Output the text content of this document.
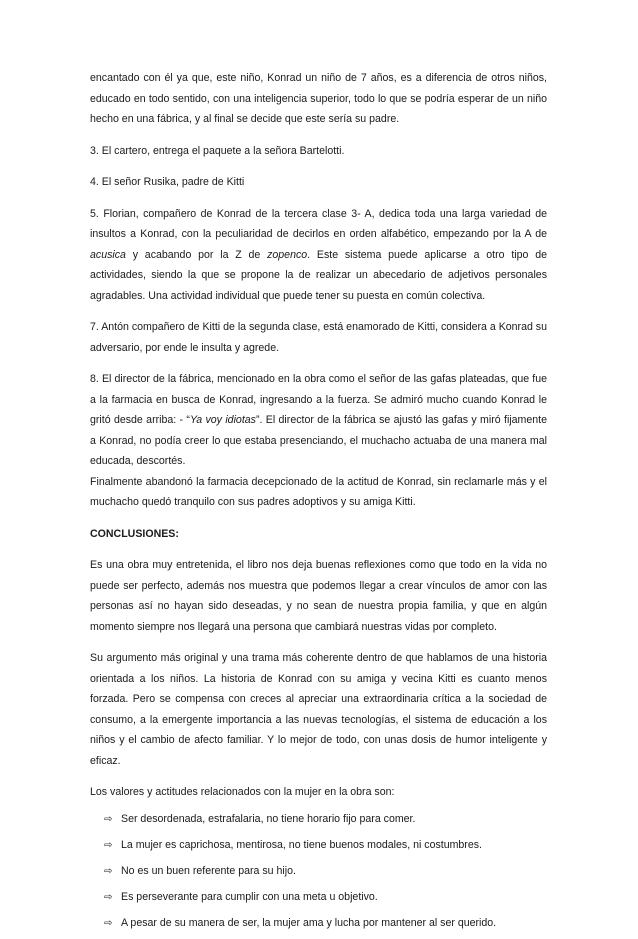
encantado con él ya que, este niño, Konrad un niño de 7 años, es a diferencia de otros niños, educado en todo sentido, con una inteligencia superior, todo lo que se podría esperar de un niño hecho en una fábrica, y al final se decide que este sería su padre.

3. El cartero, entrega el paquete a la señora Bartelotti.

4. El señor Rusika, padre de Kitti

5. Florian, compañero de Konrad de la tercera clase 3- A, dedica toda una larga variedad de insultos a Konrad, con la peculiaridad de decirlos en orden alfabético, empezando por la A de acusica y acabando por la Z de zopenco. Este sistema puede aplicarse a otro tipo de actividades, siendo la que se propone la de realizar un abecedario de adjetivos personales agradables. Una actividad individual que puede tener su puesta en común colectiva.

7. Antón compañero de Kitti de la segunda clase, está enamorado de Kitti, considera a Konrad su adversario, por ende le insulta y agrede.

8. El director de la fábrica, mencionado en la obra como el señor de las gafas plateadas, que fue a la farmacia en busca de Konrad, ingresando a la fuerza. Se admiró mucho cuando Konrad le gritó desde arriba: - “Ya voy idiotas”. El director de la fábrica se ajustó las gafas y miró fijamente a Konrad, no podía creer lo que estaba presenciando, el muchacho actuaba de una manera mal educada, descortés.

Finalmente abandonó la farmacia decepcionado de la actitud de Konrad, sin reclamarle más y el muchacho quedó tranquilo con sus padres adoptivos y su amiga Kitti.

CONCLUSIONES:

Es una obra muy entretenida, el libro nos deja buenas reflexiones como que todo en la vida no puede ser perfecto, además nos muestra que podemos llegar a crear vínculos de amor con las personas así no hayan sido deseadas, y no sean de nuestra propia familia, y que en algún momento siempre nos llegará una persona que cambiará nuestras vidas por completo.

Su argumento más original y una trama más coherente dentro de que hablamos de una historia orientada a los niños. La historia de Konrad con su amiga y vecina Kitti es cuanto menos forzada. Pero se compensa con creces al apreciar una extraordinaria crítica a la sociedad de consumo, a la emergente importancia a las nuevas tecnologías, el sistema de educación a los niños y el cambio de afecto familiar. Y lo mejor de todo, con unas dosis de humor inteligente y eficaz.

Los valores y actitudes relacionados con la mujer en la obra son:

⇨ Ser desordenada, estrafalaria, no tiene horario fijo para comer.
⇨ La mujer es caprichosa, mentirosa, no tiene buenos modales, ni costumbres.
⇨ No es un buen referente para su hijo.
⇨ Es perseverante para cumplir con una meta u objetivo.
⇨ A pesar de su manera de ser, la mujer ama y lucha por mantener al ser querido.
